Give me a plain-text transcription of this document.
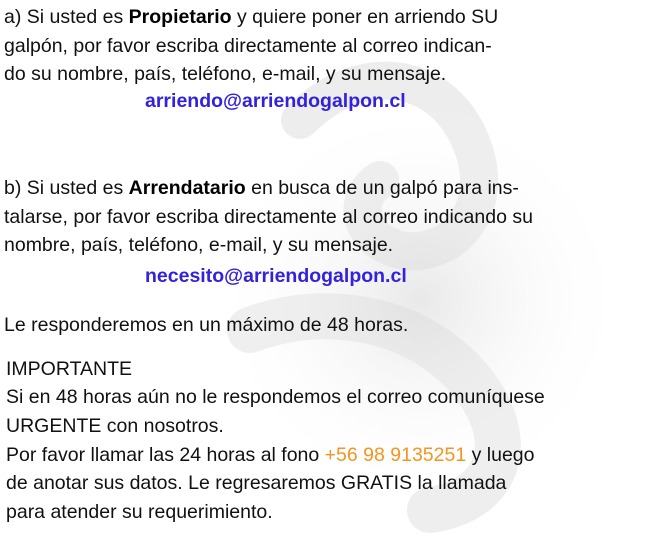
a) Si usted es Propietario y quiere poner en arriendo SU
galpón, por favor escriba directamente al correo indican-
do su nombre, país, teléfono, e-mail, y su mensaje.
arriendo@arriendogalpon.cl
b) Si usted es Arrendatario en busca de un galpó para ins-
talarse, por favor escriba directamente al correo indicando su
nombre, país, teléfono, e-mail, y su mensaje.
necesito@arriendogalpon.cl
Le responderemos en un máximo de 48 horas.
IMPORTANTE
Si en 48 horas aún no le respondemos el correo comuníquese
URGENTE con nosotros.
Por favor llamar las 24 horas al fono +56 98 9135251 y luego
de anotar sus datos. Le regresaremos GRATIS la llamada
para atender su requerimiento.
